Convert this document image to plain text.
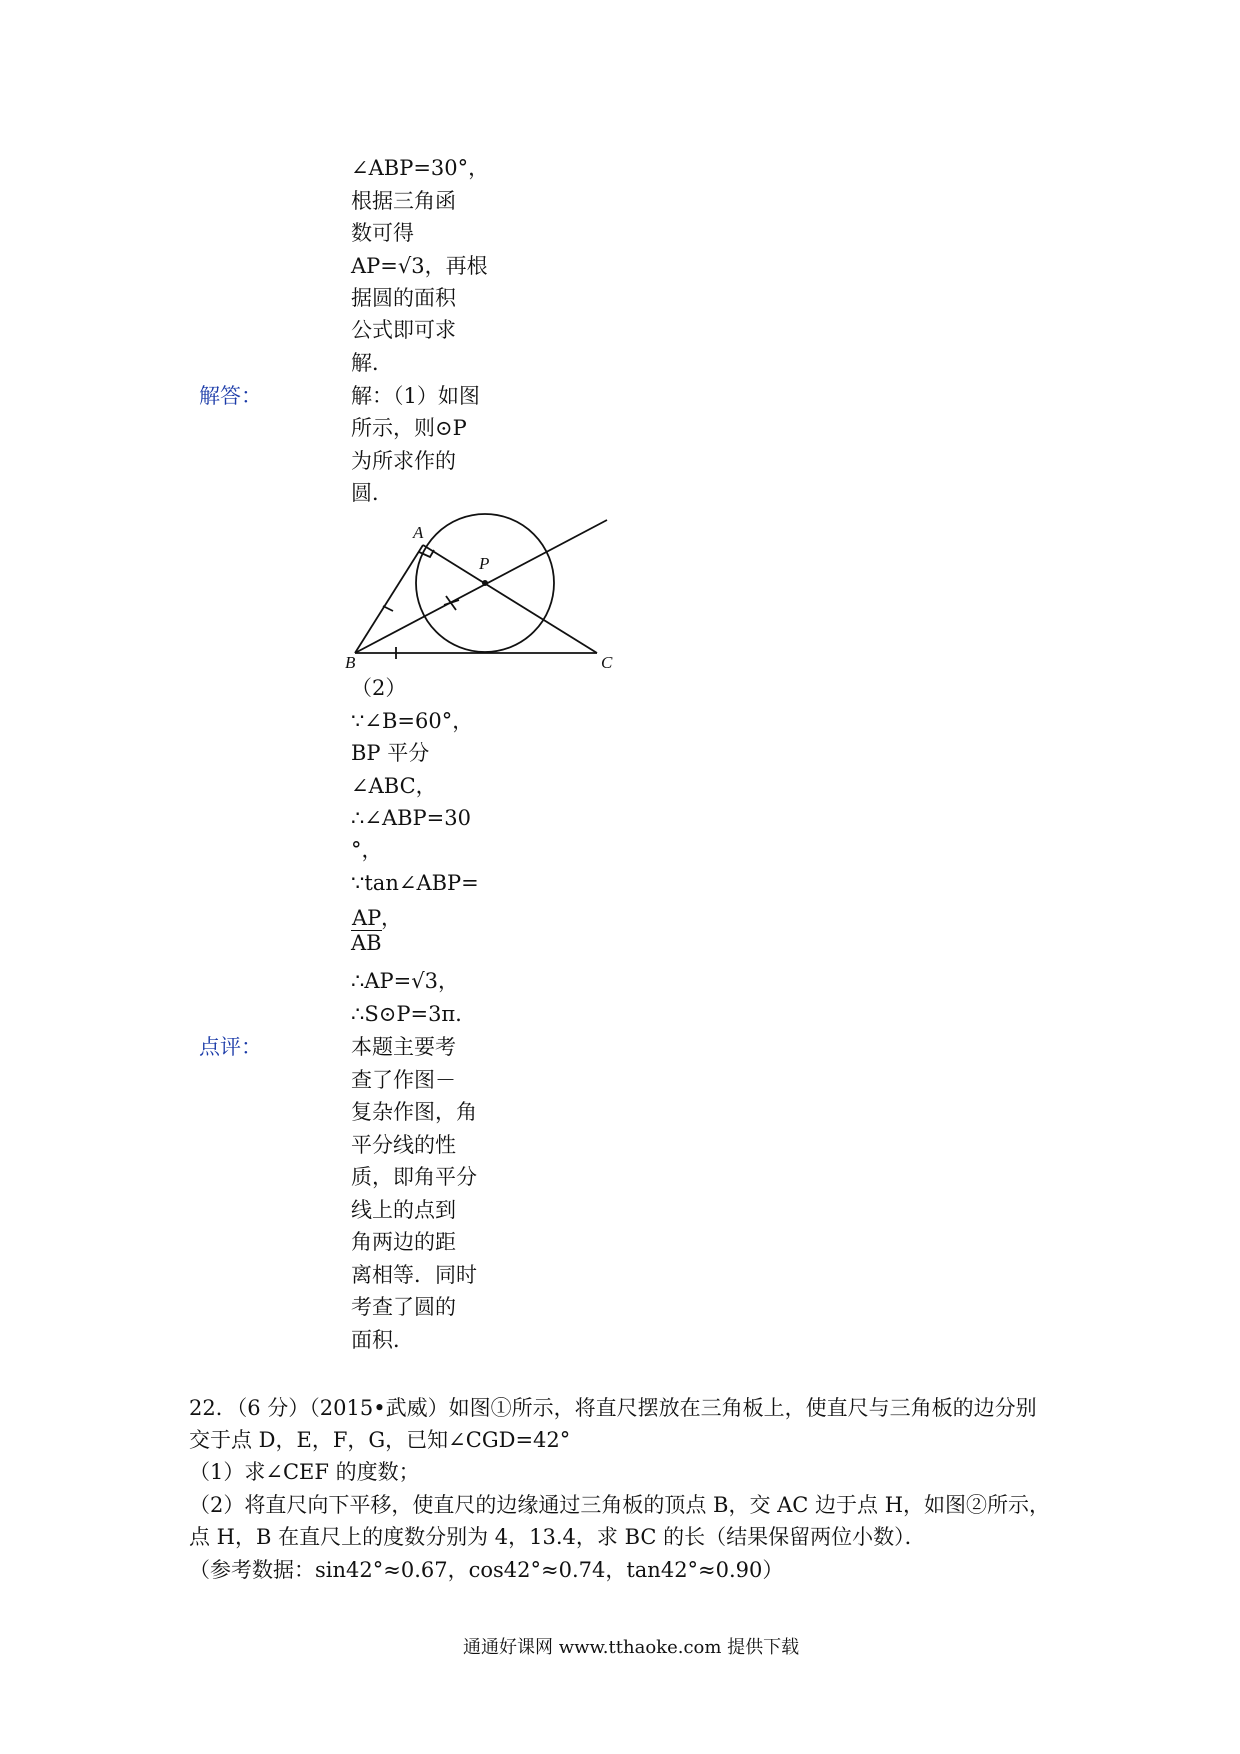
∠ABP=30°，
根据三角函
数可得
AP=√3，再根
据圆的面积
公式即可求
解．
解答：	解：（1）如图
所示，则⊙P
为所求作的
圆．
A
P
B	C
（2）
∵∠B=60°，
BP 平分
∠ABC，
∴∠ABP=30
°，
∵tan∠ABP=
$\frac{AP}{AB}$
，
∴AP=√3，
∴S⊙P=3π．
点评：	本题主要考
查了作图－
复杂作图，角
平分线的性
质，即角平分
线上的点到
角两边的距
离相等．同时
考查了圆的
面积．
22．（6 分）（2015•武威）如图①所示，将直尺摆放在三角板上，使直尺与三角板的边分别
交于点 D，E，F，G，已知∠CGD=42°
（1）求∠CEF 的度数；
（2）将直尺向下平移，使直尺的边缘通过三角板的顶点 B，交 AC 边于点 H，如图②所示，
点 H，B 在直尺上的度数分别为 4，13.4，求 BC 的长（结果保留两位小数）．
（参考数据：sin42°≈0.67，cos42°≈0.74，tan42°≈0.90）
通通好课网 www.tthaoke.com 提供下载
